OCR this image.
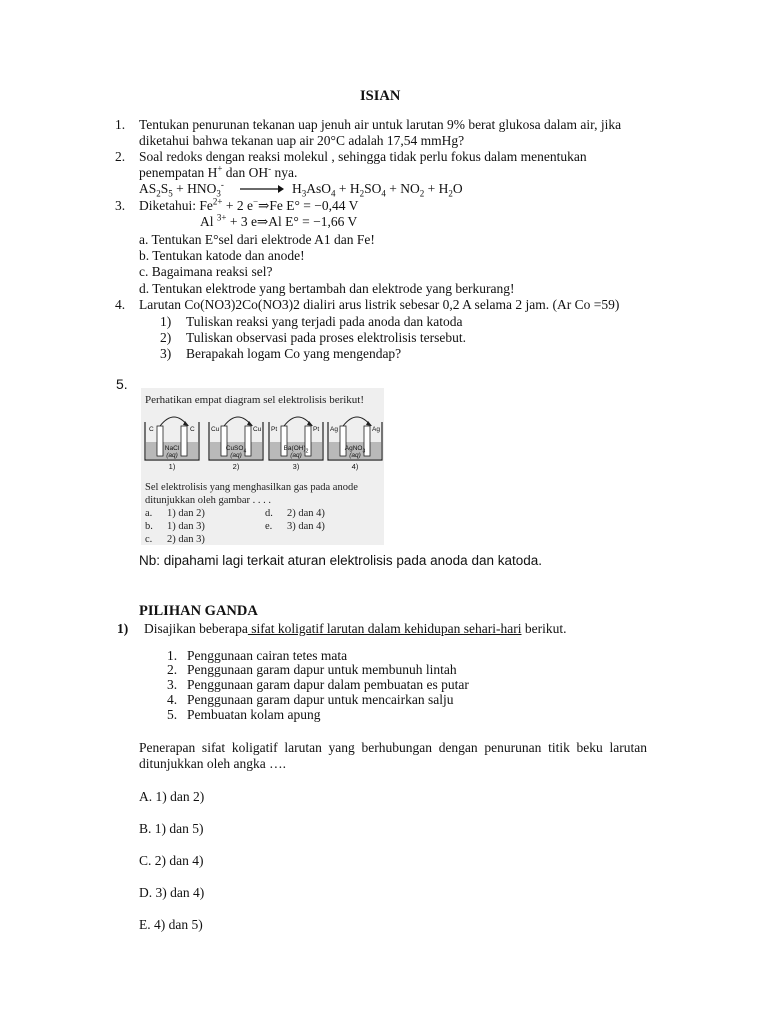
ISIAN
1. Tentukan penurunan tekanan uap jenuh air untuk larutan 9% berat glukosa dalam air, jika
diketahui bahwa tekanan uap air 20°C adalah 17,54 mmHg?
2. Soal redoks dengan reaksi molekul , sehingga tidak perlu fokus dalam menentukan
penempatan H+ dan OH- nya.
$AS_2S_5 + HNO_3^- \to H_3AsO_4 + H_2SO_4 + NO_2 + H_2O$
3. Diketahui: $Fe^{2+} + 2$ e−⇒Fe E° = −0,44 V
Al $^{3+}$ + 3 e⇒Al E° = −1,66 V
a. Tentukan E°sel dari elektrode A1 dan Fe!
b. Tentukan katode dan anode!
c. Bagaimana reaksi sel?
d. Tentukan elektrode yang bertambah dan elektrode yang berkurang!
4. Larutan Co(NO3)2Co(NO3)2 dialiri arus listrik sebesar 0,2 A selama 2 jam. (Ar Co =59)
1) Tuliskan reaksi yang terjadi pada anoda dan katoda
2) Tuliskan observasi pada proses elektrolisis tersebut.
3) Berapakah logam Co yang mengendap?
5.
Perhatikan empat diagram sel elektrolisis berikut!
C	C	Cu	Cu Pt	Pt Ag	Ag
NaCl
(aq)
CuSO$_4$
(aq)
$Ba(OH)_2$
(aq)
AgNO$_3$
(aq)
1)	2)	3)	4)
Sel elektrolisis yang menghasilkan gas pada anode
ditunjukkan oleh gambar . . . .
a. 1) dan 2)
b. 1) dan 3)
c. 2) dan 3)
d. 2) dan 4)
e. 3) dan 4)
Nb: dipahami lagi terkait aturan elektrolisis pada anoda dan katoda.
PILIHAN GANDA
1) Disajikan beberapa sifat koligatif larutan dalam kehidupan sehari-hari berikut.
1. Penggunaan cairan tetes mata
2. Penggunaan garam dapur untuk membunuh lintah
3. Penggunaan garam dapur dalam pembuatan es putar
4. Penggunaan garam dapur untuk mencairkan salju
5. Pembuatan kolam apung
Penerapan sifat koligatif larutan yang berhubungan dengan penurunan titik beku larutan
ditunjukkan oleh angka ….
A. 1) dan 2)
B. 1) dan 5)
C. 2) dan 4)
D. 3) dan 4)
E. 4) dan 5)
